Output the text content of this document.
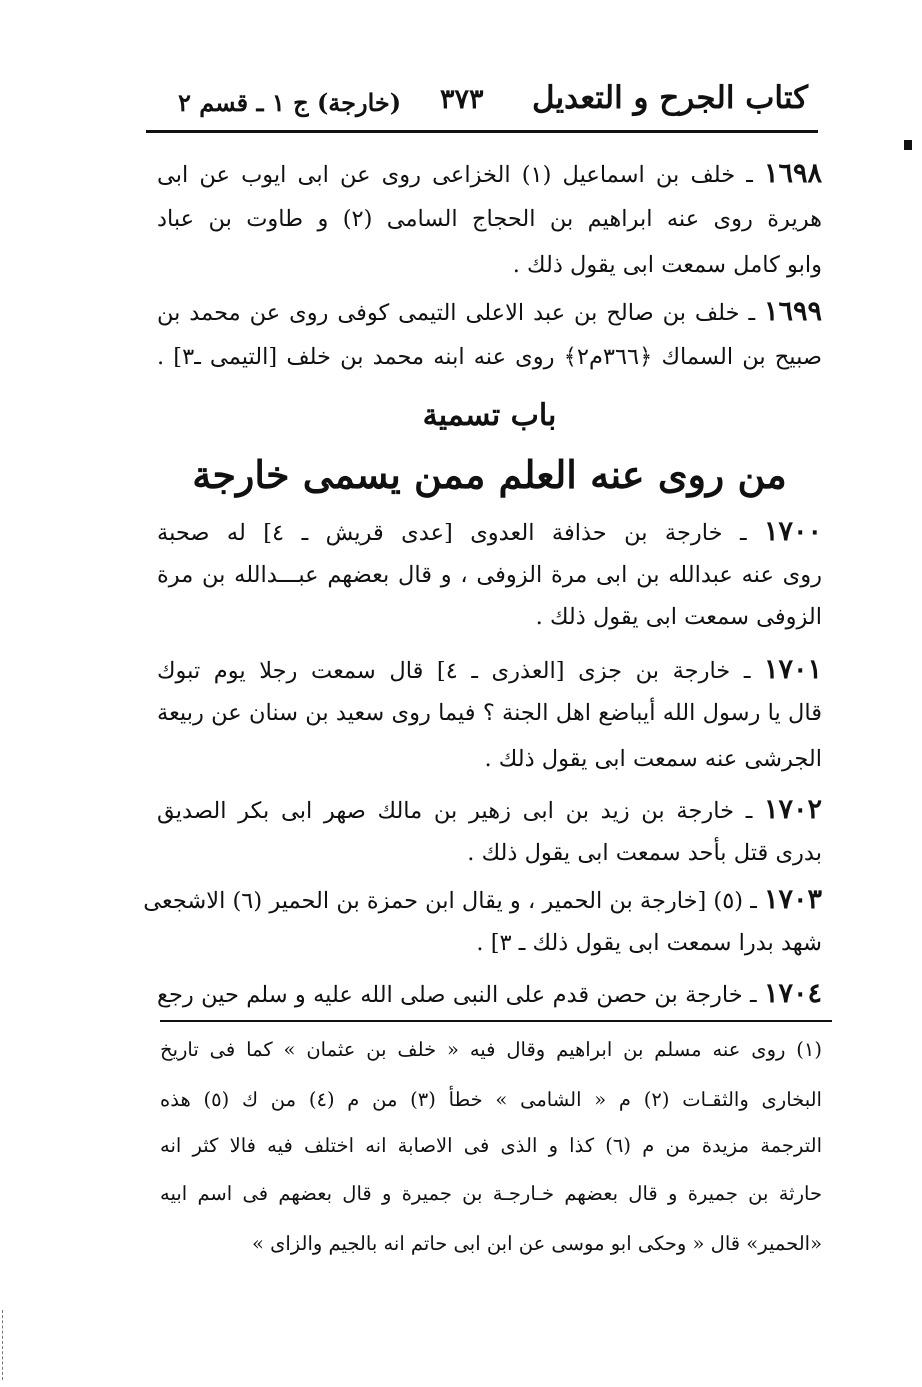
كتاب الجرح و التعديل
٣٧٣
(خارجة) ج ١ ـ قسم ٢
١٦٩٨ ـ خلف بن اسماعيل (١) الخزاعى روى عن ابى ايوب عن ابى
هريرة روى عنه ابراهيم بن الحجاج السامى (٢) و طاوت بن عباد
وابو كامل سمعت ابى يقول ذلك .
١٦٩٩ ـ خلف بن صالح بن عبد الاعلى التيمى كوفى روى عن محمد بن
صبيح بن السماك ﴿٣٦٦م٢﴾ روى عنه ابنه محمد بن خلف [التيمى ـ٣] .
باب تسمية
من روى عنه العلم ممن يسمى خارجة
١٧٠٠ ـ خارجة بن حذافة العدوى [عدى قريش ـ ٤] له صحبة
روى عنه عبدالله بن ابى مرة الزوفى ، و قال بعضهم عبـــدالله بن مرة
الزوفى سمعت ابى يقول ذلك .
١٧٠١ ـ خارجة بن جزى [العذرى ـ ٤] قال سمعت رجلا يوم تبوك
قال يا رسول الله أيباضع اهل الجنة ؟ فيما روى سعيد بن سنان عن ربيعة
الجرشى عنه سمعت ابى يقول ذلك .
١٧٠٢ ـ خارجة بن زيد بن ابى زهير بن مالك صهر ابى بكر الصديق
بدرى قتل بأحد سمعت ابى يقول ذلك .
١٧٠٣ ـ (٥) [خارجة بن الحمير ، و يقال ابن حمزة بن الحمير (٦) الاشجعى
شهد بدرا سمعت ابى يقول ذلك ـ ٣] .
١٧٠٤ ـ خارجة بن حصن قدم على النبى صلى الله عليه و سلم حين رجع
(١) روى عنه مسلم بن ابراهيم وقال فيه « خلف بن عثمان » كما فى تاريخ
البخارى والثقـات (٢) م « الشامى » خطأ (٣) من م (٤) من ك (٥) هذه
الترجمة مزيدة من م (٦) كذا و الذى فى الاصابة انه اختلف فيه فالا كثر انه
حارثة بن جميرة و قال بعضهم خـارجـة بن جميرة و قال بعضهم فى اسم ابيه
«الحمير» قال « وحكى ابو موسى عن ابن ابى حاتم انه بالجيم والزاى »
